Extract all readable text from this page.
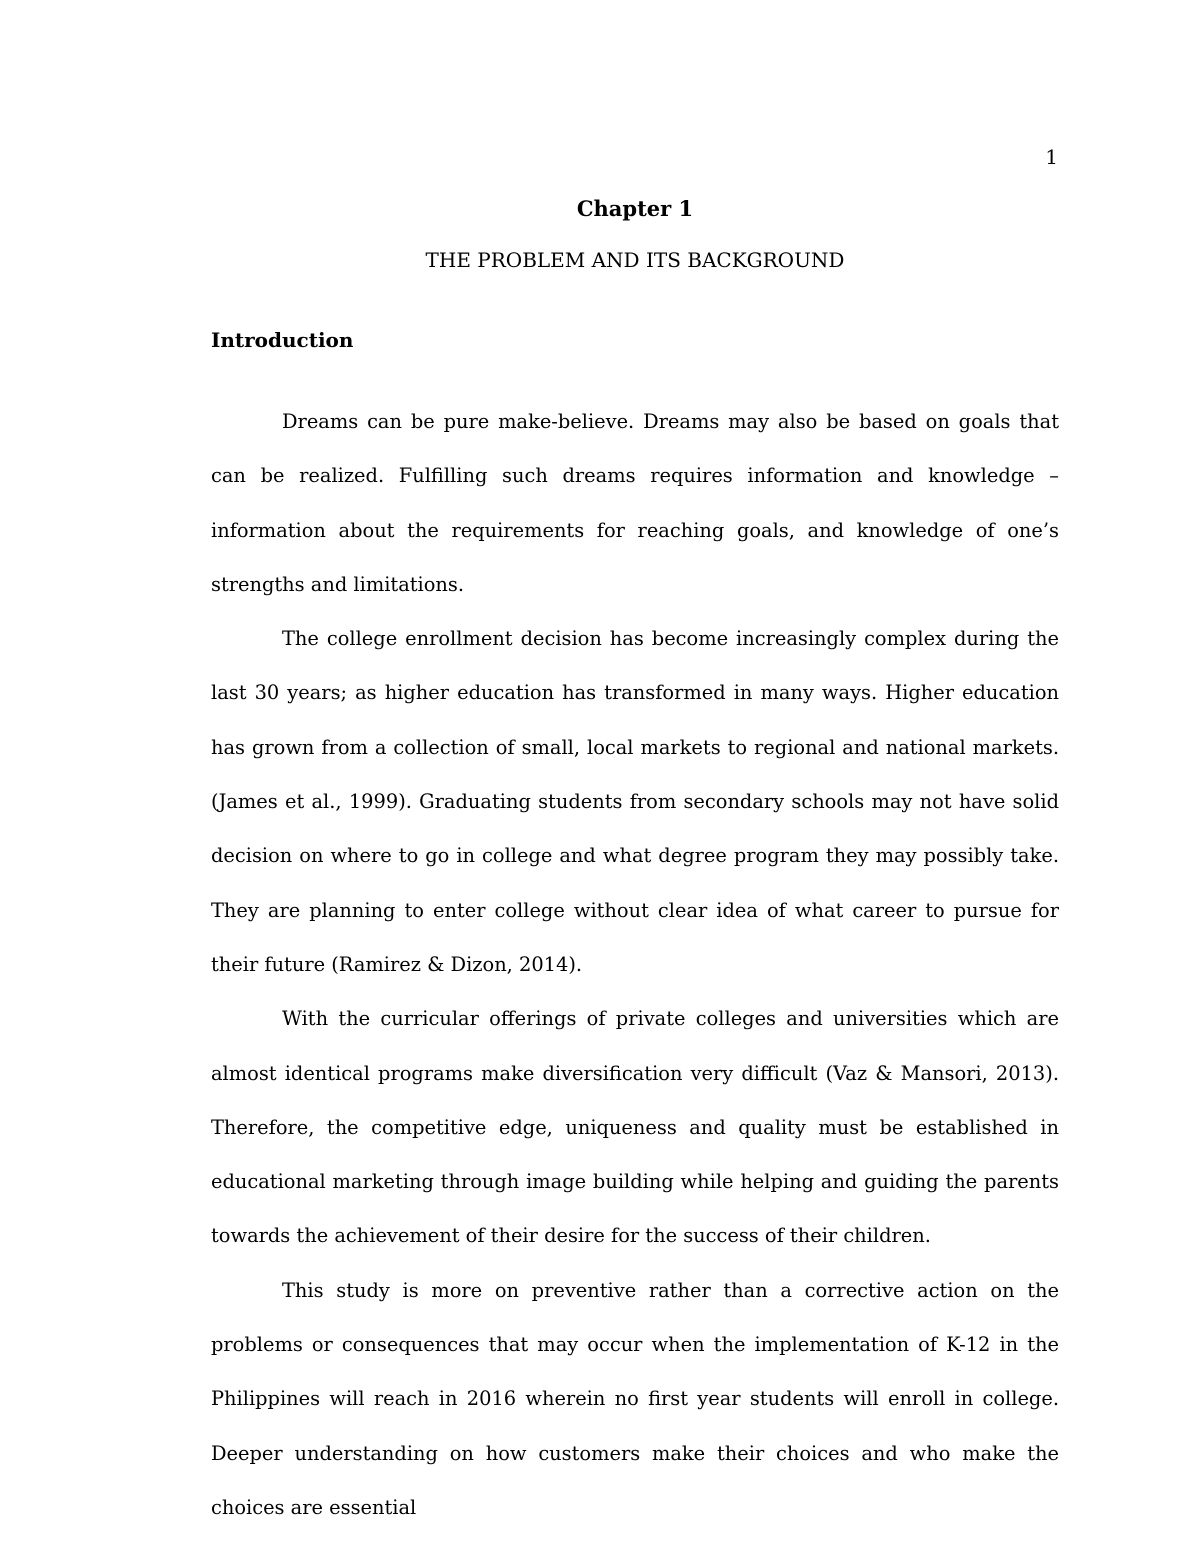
1
Chapter 1
THE PROBLEM AND ITS BACKGROUND
Introduction

Dreams can be pure make-believe. Dreams may also be based on goals that can be realized. Fulfilling such dreams requires information and knowledge – information about the requirements for reaching goals, and knowledge of one’s strengths and limitations.

The college enrollment decision has become increasingly complex during the last 30 years; as higher education has transformed in many ways. Higher education has grown from a collection of small, local markets to regional and national markets. (James et al., 1999). Graduating students from secondary schools may not have solid decision on where to go in college and what degree program they may possibly take. They are planning to enter college without clear idea of what career to pursue for their future (Ramirez & Dizon, 2014).

With the curricular offerings of private colleges and universities which are almost identical programs make diversification very difficult (Vaz & Mansori, 2013). Therefore, the competitive edge, uniqueness and quality must be established in educational marketing through image building while helping and guiding the parents towards the achievement of their desire for the success of their children.

This study is more on preventive rather than a corrective action on the problems or consequences that may occur when the implementation of K-12 in the Philippines will reach in 2016 wherein no first year students will enroll in college. Deeper understanding on how customers make their choices and who make the choices are essential
